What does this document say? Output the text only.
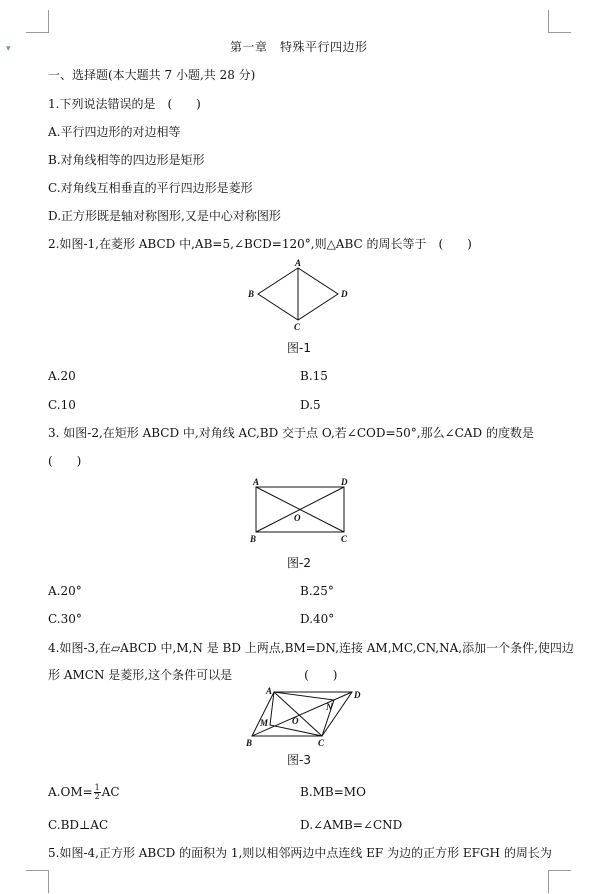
▾	第一章　特殊平行四边形
一、选择题(本大题共 7 小题,共 28 分)
1.下列说法错误的是　(　　)
A.平行四边形的对边相等
B.对角线相等的四边形是矩形
C.对角线互相垂直的平行四边形是菱形
D.正方形既是轴对称图形,又是中心对称图形
2.如图-1,在菱形 ABCD 中,AB=5,∠BCD=120°,则△ABC 的周长等于　(　　)
A
B
C
D
图-1
A.20	B.15
C.10	D.5
3. 如图-2,在矩形 ABCD 中,对角线 AC,BD 交于点 O,若∠COD=50°,那么∠CAD 的度数是
(　　)
A	D
O
B	C
图-2
A.20°	B.25°
C.30°	D.40°
4.如图-3,在▱ABCD 中,M,N 是 BD 上两点,BM=DN,连接 AM,MC,CN,NA,添加一个条件,使四边
形 AMCN 是菱形,这个条件可以是　　　　　　(　　)
A	D
M
N
O
B	C
图-3
$A.OM= \frac{1}{2}$ AC	B.MB=MO
C.BD⊥AC	D.∠AMB=∠CND
5.如图-4,正方形 ABCD 的面积为 1,则以相邻两边中点连线 EF 为边的正方形 EFGH 的周长为
